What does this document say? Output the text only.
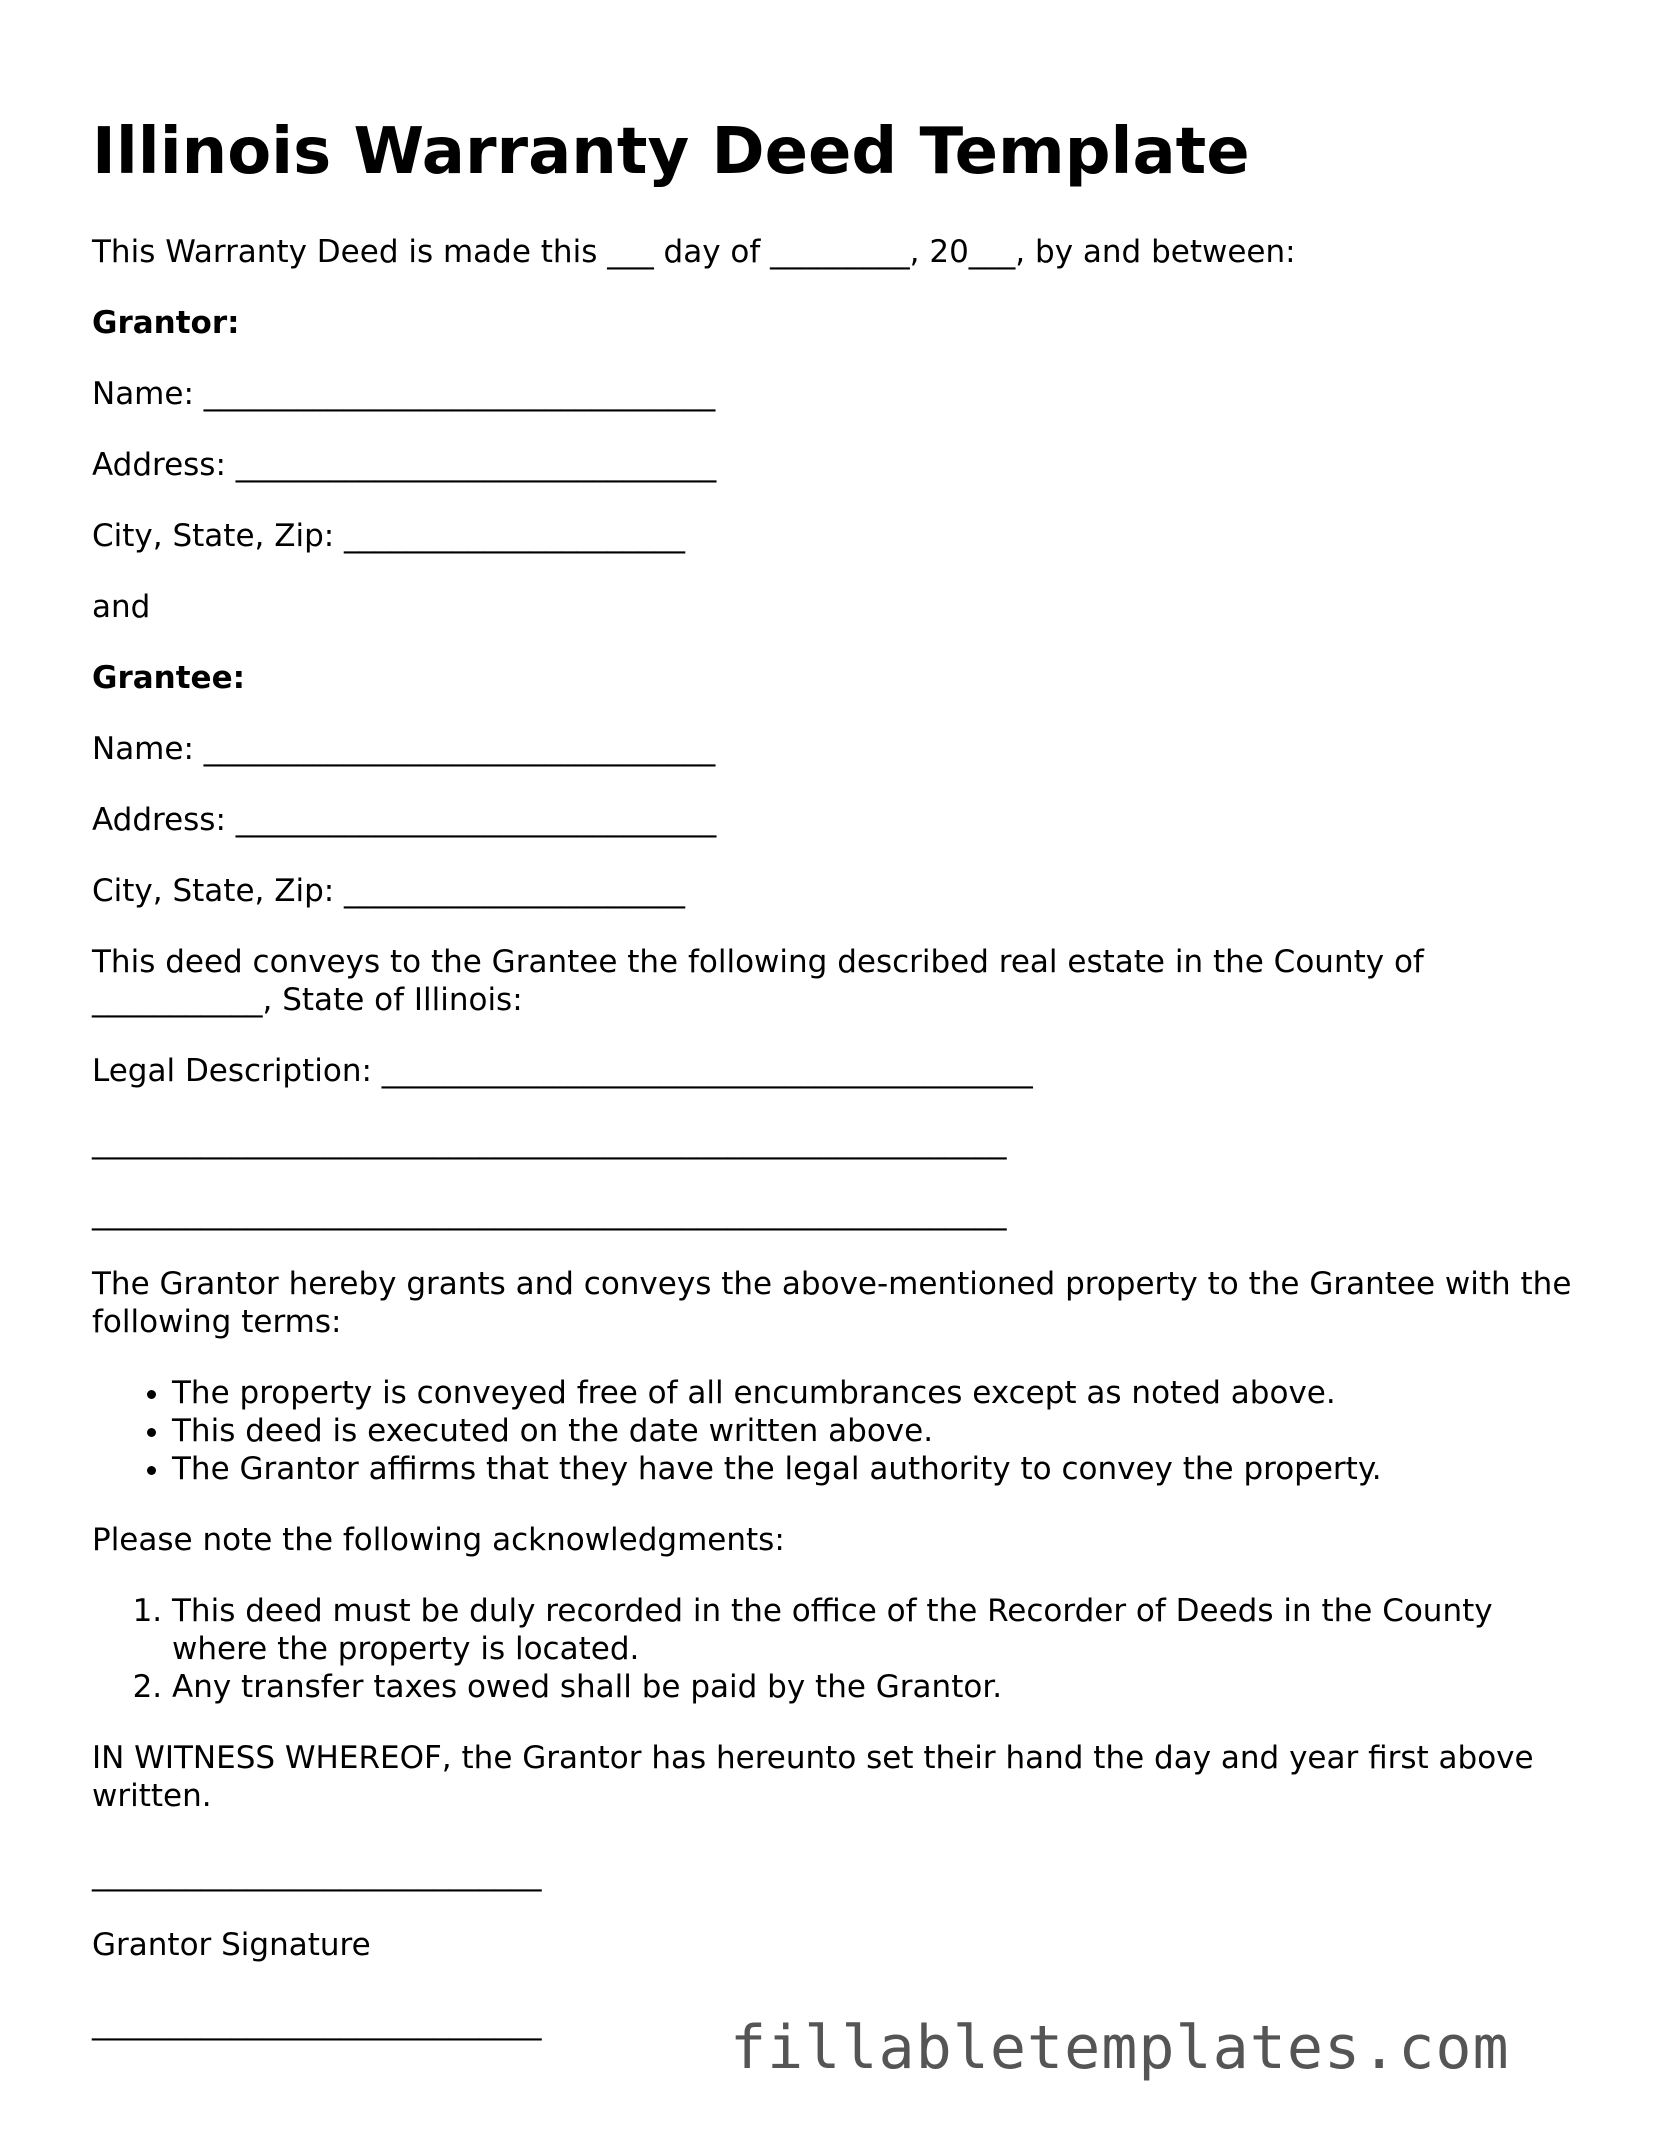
Illinois Warranty Deed Template

This Warranty Deed is made this ___ day of _________, 20___, by and between:

Grantor:

Name: _________________________________

Address: _______________________________

City, State, Zip: ______________________

and

Grantee:

Name: _________________________________

Address: _______________________________

City, State, Zip: ______________________

This deed conveys to the Grantee the following described real estate in the County of ___________, State of Illinois:

Legal Description: __________________________________________

___________________________________________________________

___________________________________________________________

The Grantor hereby grants and conveys the above-mentioned property to the Grantee with the following terms:

• The property is conveyed free of all encumbrances except as noted above.
• This deed is executed on the date written above.
• The Grantor affirms that they have the legal authority to convey the property.

Please note the following acknowledgments:

1. This deed must be duly recorded in the office of the Recorder of Deeds in the County where the property is located.
2. Any transfer taxes owed shall be paid by the Grantor.

IN WITNESS WHEREOF, the Grantor has hereunto set their hand the day and year first above written.

_____________________________

Grantor Signature

_____________________________	fillabletemplates.com
